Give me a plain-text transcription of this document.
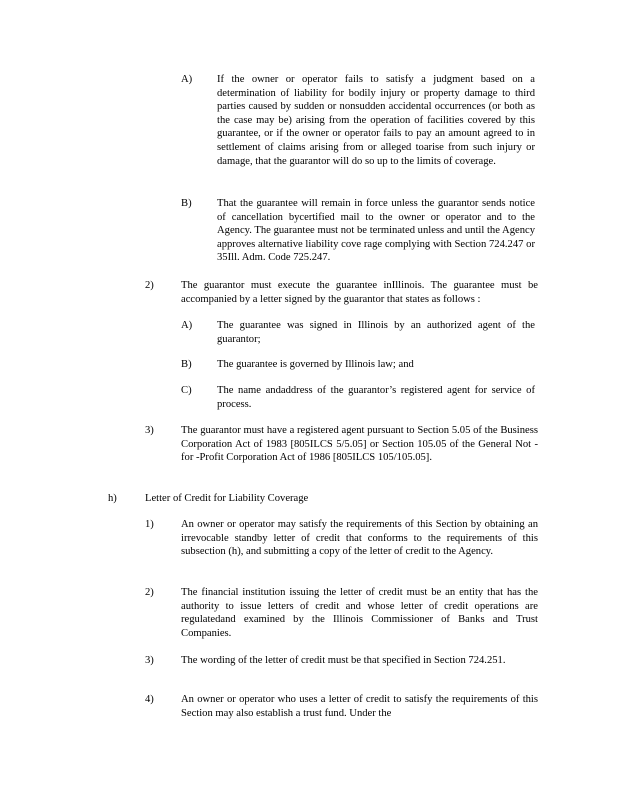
A) If the owner or operator fails to satisfy a judgment based on a determination of liability for bodily injury or property damage to third parties caused by sudden or nonsudden accidental occurrences (or both as the case may be) arising from the operation of facilities covered by this guarantee, or if the owner or operator fails to pay an amount agreed to in settlement of claims arising from or alleged toarise from such injury or damage, that the guarantor will do so up to the limits of coverage.
B) That the guarantee will remain in force unless the guarantor sends notice of cancellation bycertified mail to the owner or operator and to the Agency. The guarantee must not be terminated unless and until the Agency approves alternative liability cove rage complying with Section 724.247 or 35Ill. Adm. Code 725.247.
2)	The guarantor must execute the guarantee inIllinois. The guarantee must be accompanied by a letter signed by the guarantor that states as follows :
A) The guarantee was signed in Illinois by an authorized agent of the guarantor;
B) The guarantee is governed by Illinois law; and
C) The name andaddress of the guarantor’s registered agent for service of process.
3)	The guarantor must have a registered agent pursuant to Section 5.05 of the Business Corporation Act of 1983 [805ILCS 5/5.05] or Section 105.05 of the General Not -for -Profit Corporation Act of 1986 [805ILCS 105/105.05].
h)	Letter of Credit for Liability Coverage
1)	An owner or operator may satisfy the requirements of this Section by obtaining an irrevocable standby letter of credit that conforms to the requirements of this subsection (h), and submitting a copy of the letter of credit to the Agency.
2)	The financial institution issuing the letter of credit must be an entity that has the authority to issue letters of credit and whose letter of credit operations are regulatedand examined by the Illinois Commissioner of Banks and Trust Companies.
3)	The wording of the letter of credit must be that specified in Section 724.251.
4)	An owner or operator who uses a letter of credit to satisfy the requirements of this Section may also establish a trust fund. Under the
